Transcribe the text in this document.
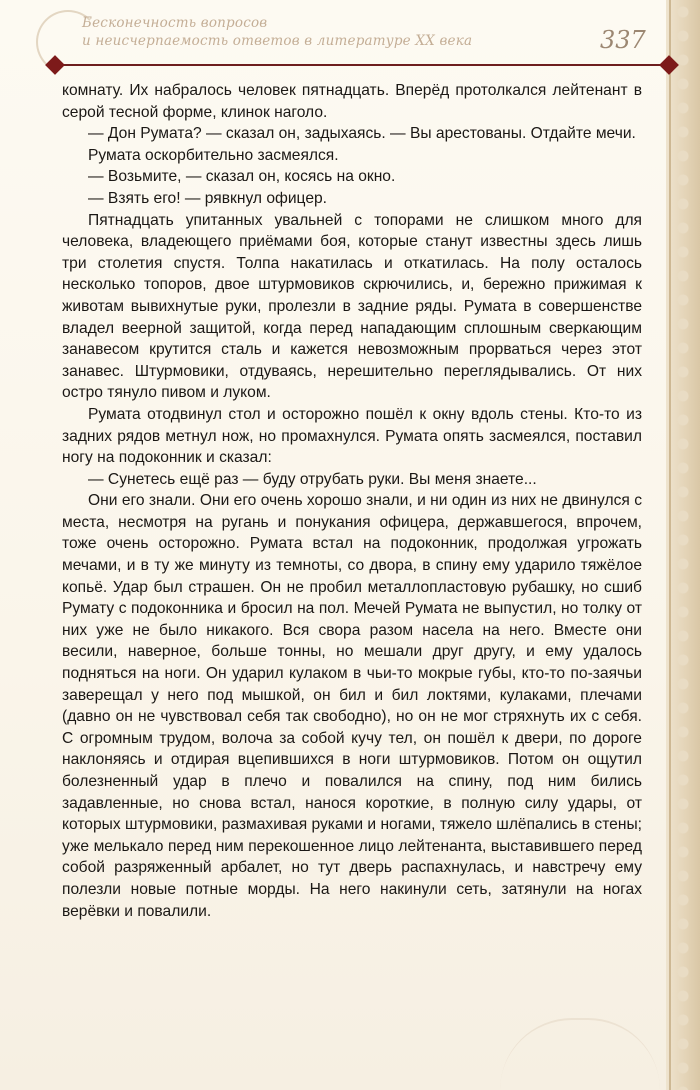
Бесконечность вопросов
и неисчерпаемость ответов в литературе XX века	337

комнату. Их набралось человек пятнадцать. Вперёд протолкался лейтенант в серой тесной форме, клинок наголо.

— Дон Румата? — сказал он, задыхаясь. — Вы арестованы. Отдайте мечи.

Румата оскорбительно засмеялся.

— Возьмите, — сказал он, косясь на окно.

— Взять его! — рявкнул офицер.

Пятнадцать упитанных увальней с топорами не слишком много для человека, владеющего приёмами боя, которые станут известны здесь лишь три столетия спустя. Толпа накатилась и откатилась. На полу осталось несколько топоров, двое штурмовиков скрючились, и, бережно прижимая к животам вывихнутые руки, пролезли в задние ряды. Румата в совершенстве владел веерной защитой, когда перед нападающим сплошным сверкающим занавесом крутится сталь и кажется невозможным прорваться через этот занавес. Штурмовики, отдуваясь, нерешительно переглядывались. От них остро тянуло пивом и луком.

Румата отодвинул стол и осторожно пошёл к окну вдоль стены. Кто-то из задних рядов метнул нож, но промахнулся. Румата опять засмеялся, поставил ногу на подоконник и сказал:

— Сунетесь ещё раз — буду отрубать руки. Вы меня знаете...

Они его знали. Они его очень хорошо знали, и ни один из них не двинулся с места, несмотря на ругань и понукания офицера, державшегося, впрочем, тоже очень осторожно. Румата встал на подоконник, продолжая угрожать мечами, и в ту же минуту из темноты, со двора, в спину ему ударило тяжёлое копьё. Удар был страшен. Он не пробил металлопластовую рубашку, но сшиб Румату с подоконника и бросил на пол. Мечей Румата не выпустил, но толку от них уже не было никакого. Вся свора разом насела на него. Вместе они весили, наверное, больше тонны, но мешали друг другу, и ему удалось подняться на ноги. Он ударил кулаком в чьи-то мокрые губы, кто-то по-заячьи заверещал у него под мышкой, он бил и бил локтями, кулаками, плечами (давно он не чувствовал себя так свободно), но он не мог стряхнуть их с себя. С огромным трудом, волоча за собой кучу тел, он пошёл к двери, по дороге наклоняясь и отдирая вцепившихся в ноги штурмовиков. Потом он ощутил болезненный удар в плечо и повалился на спину, под ним бились задавленные, но снова встал, нанося короткие, в полную силу удары, от которых штурмовики, размахивая руками и ногами, тяжело шлёпались в стены; уже мелькало перед ним перекошенное лицо лейтенанта, выставившего перед собой разряженный арбалет, но тут дверь распахнулась, и навстречу ему полезли новые потные морды. На него накинули сеть, затянули на ногах верёвки и повалили.
